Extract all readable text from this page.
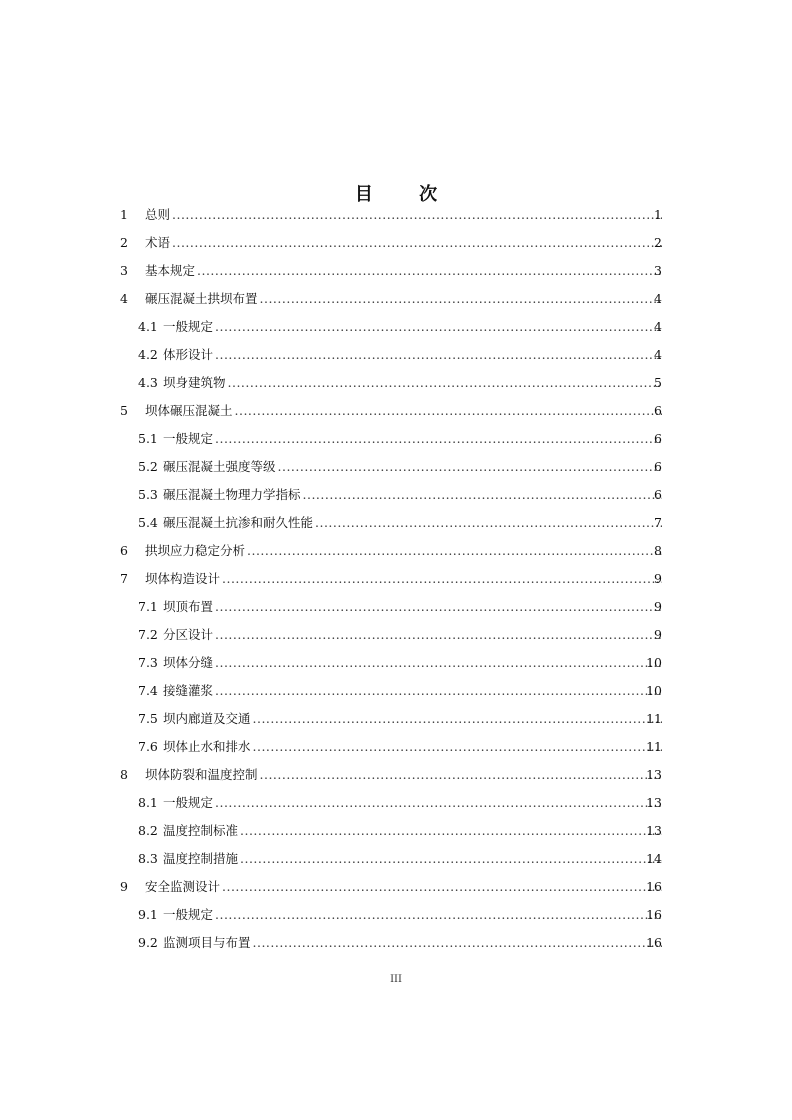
目 次
1	总则 .....	1
2	术语 .....	2
3	基本规定 .....	3
4	碾压混凝土拱坝布置 .....	4
4.1 一般规定 .....	4
4.2 体形设计 .....	4
4.3 坝身建筑物 .....	5
5	坝体碾压混凝土 .....	6
5.1 一般规定 .....	6
5.2 碾压混凝土强度等级 .....	6
5.3 碾压混凝土物理力学指标 .....	6
5.4 碾压混凝土抗渗和耐久性能 .....	7
6	拱坝应力稳定分析 .....	8
7	坝体构造设计 .....	9
7.1 坝顶布置 .....	9
7.2 分区设计 .....	9
7.3 坝体分缝 .....	10
7.4 接缝灌浆 .....	10
7.5 坝内廊道及交通 .....	11
7.6 坝体止水和排水 .....	11
8	坝体防裂和温度控制 .....	13
8.1 一般规定 .....	13
8.2 温度控制标准 .....	13
8.3 温度控制措施 .....	14
9	安全监测设计 .....	16
9.1 一般规定 .....	16
9.2 监测项目与布置 .....	16
III
